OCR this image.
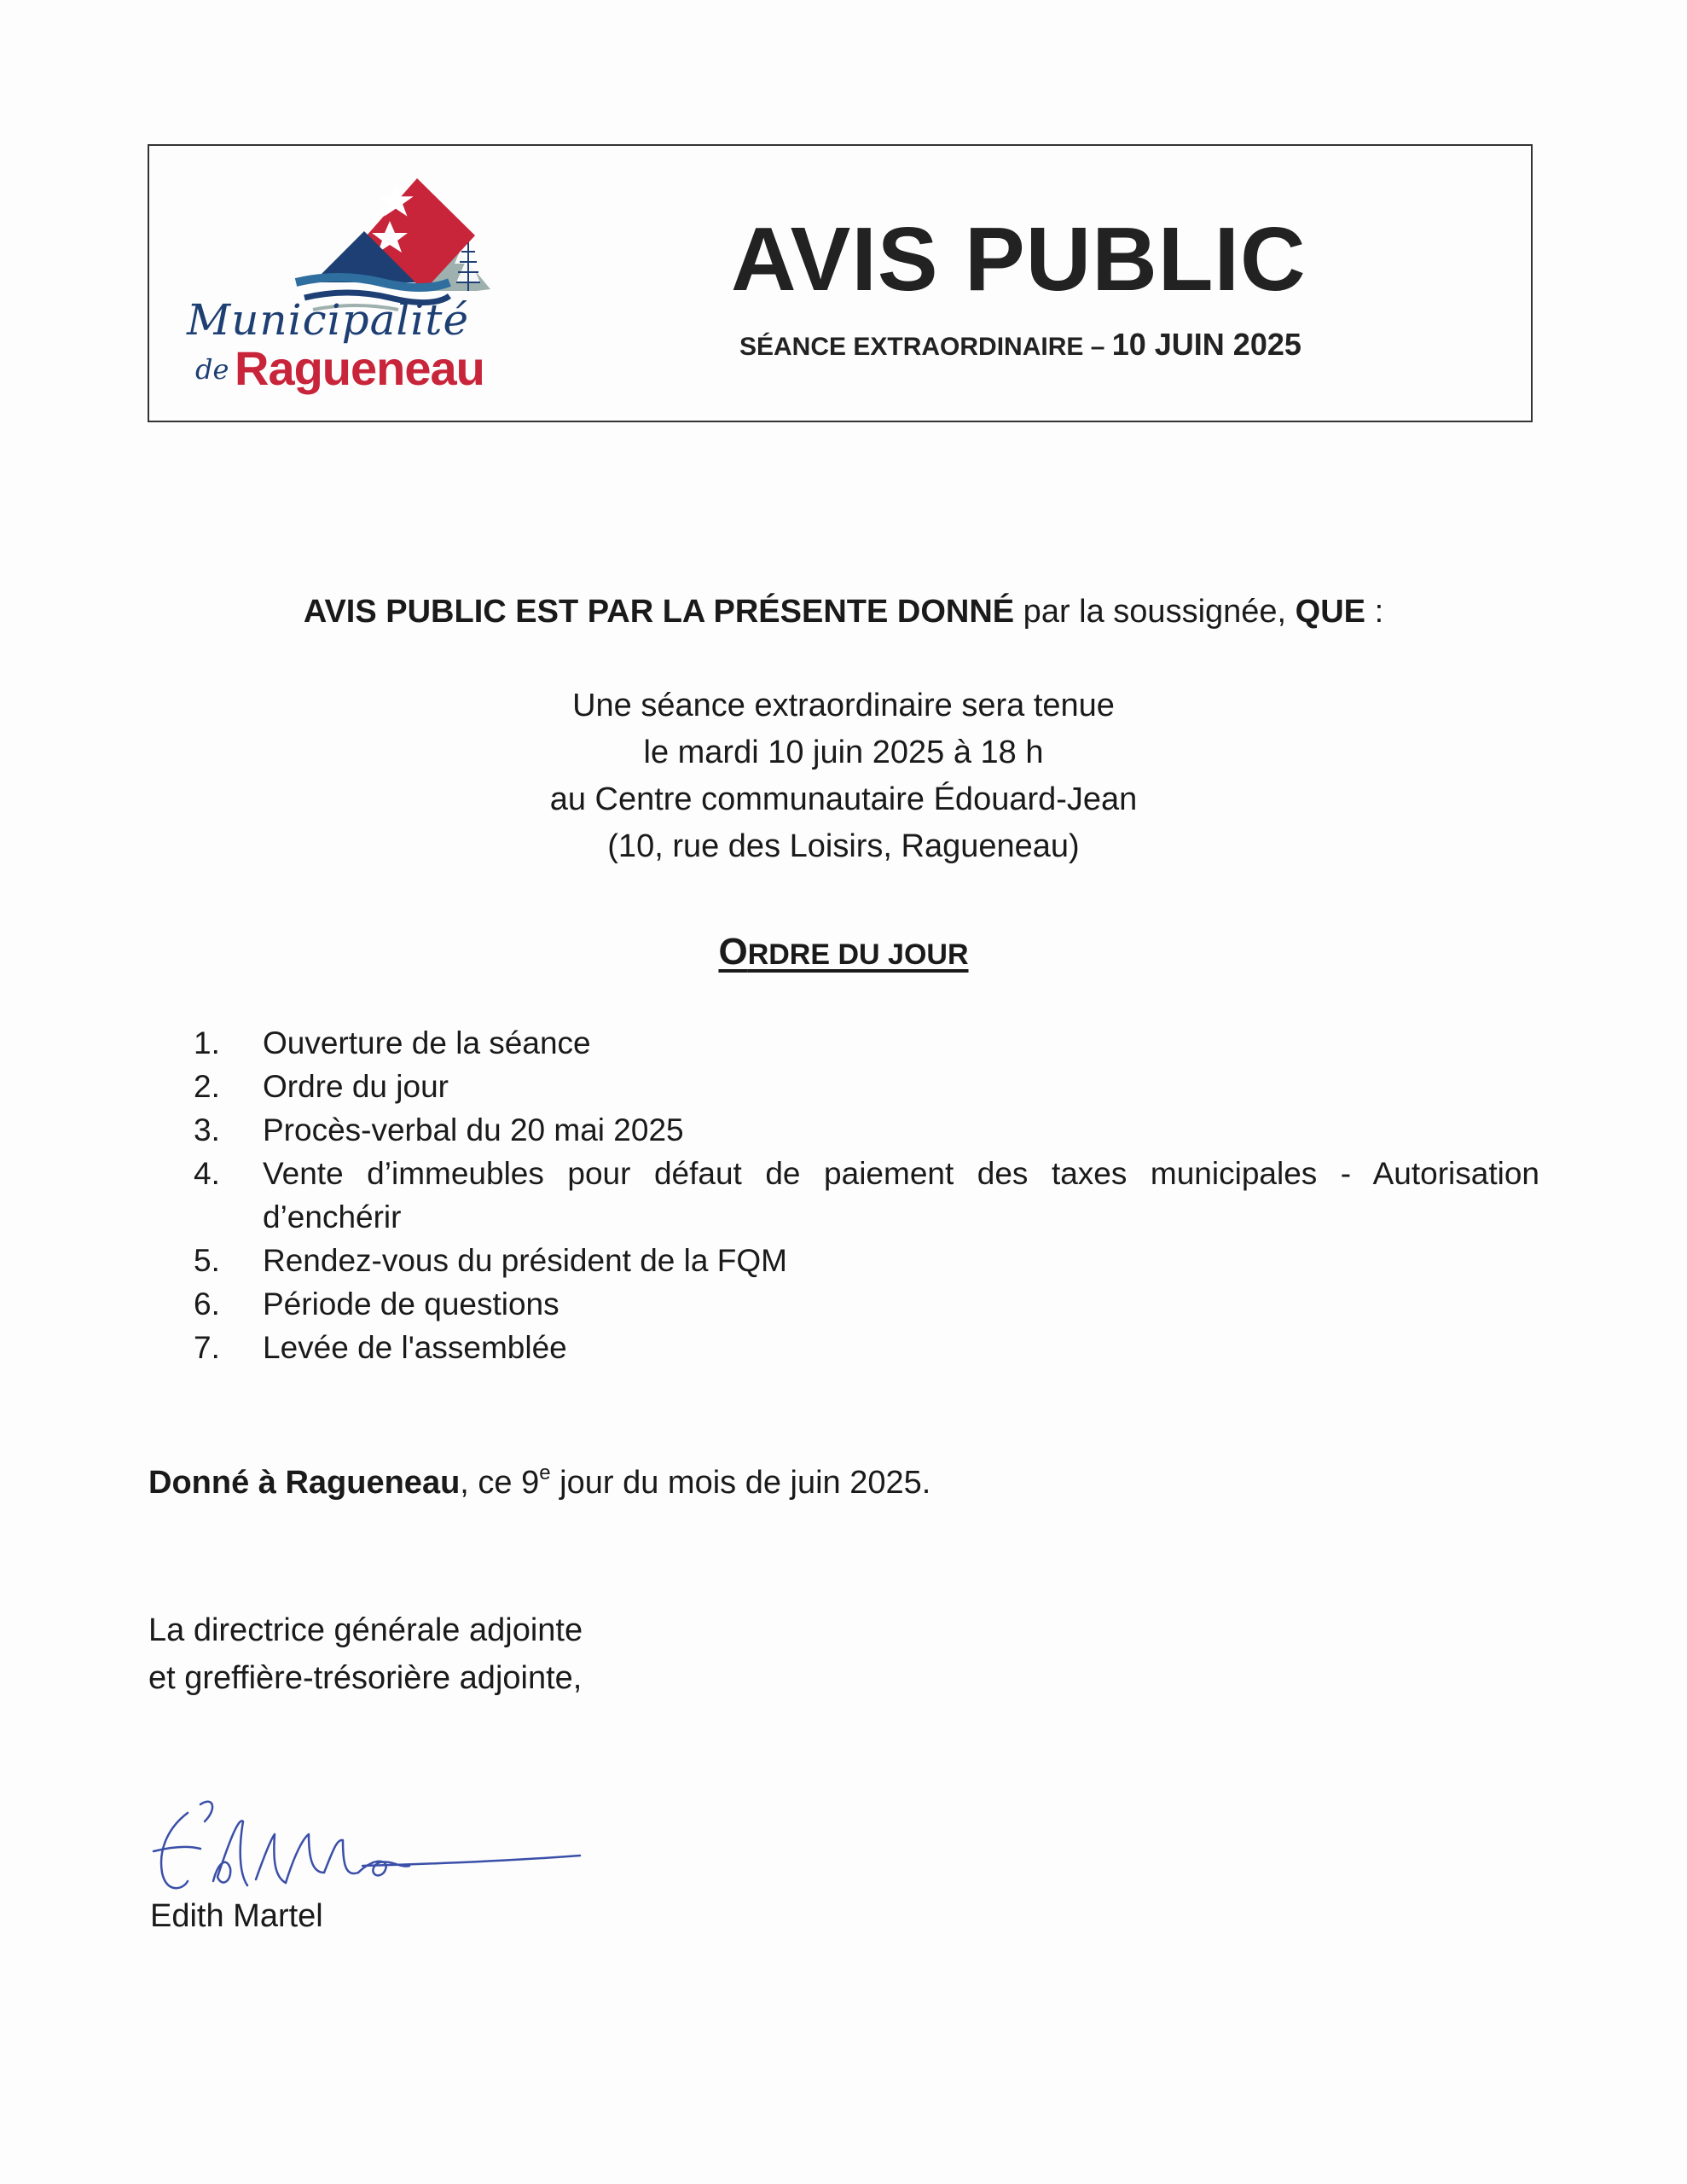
Municipalité
de Ragueneau
AVIS PUBLIC
SÉANCE EXTRAORDINAIRE – 10 JUIN 2025
AVIS PUBLIC EST PAR LA PRÉSENTE DONNÉ par la soussignée, QUE :
Une séance extraordinaire sera tenue
le mardi 10 juin 2025 à 18 h
au Centre communautaire Édouard-Jean
(10, rue des Loisirs, Ragueneau)
ORDRE DU JOUR
1. Ouverture de la séance
2. Ordre du jour
3. Procès-verbal du 20 mai 2025
4. Vente d’immeubles pour défaut de paiement des taxes municipales - Autorisation
d’enchérir
5. Rendez-vous du président de la FQM
6. Période de questions
7. Levée de l'assemblée
Donné à Ragueneau, ce 9e jour du mois de juin 2025.
La directrice générale adjointe
et greffière-trésorière adjointe,
Edith Martel
